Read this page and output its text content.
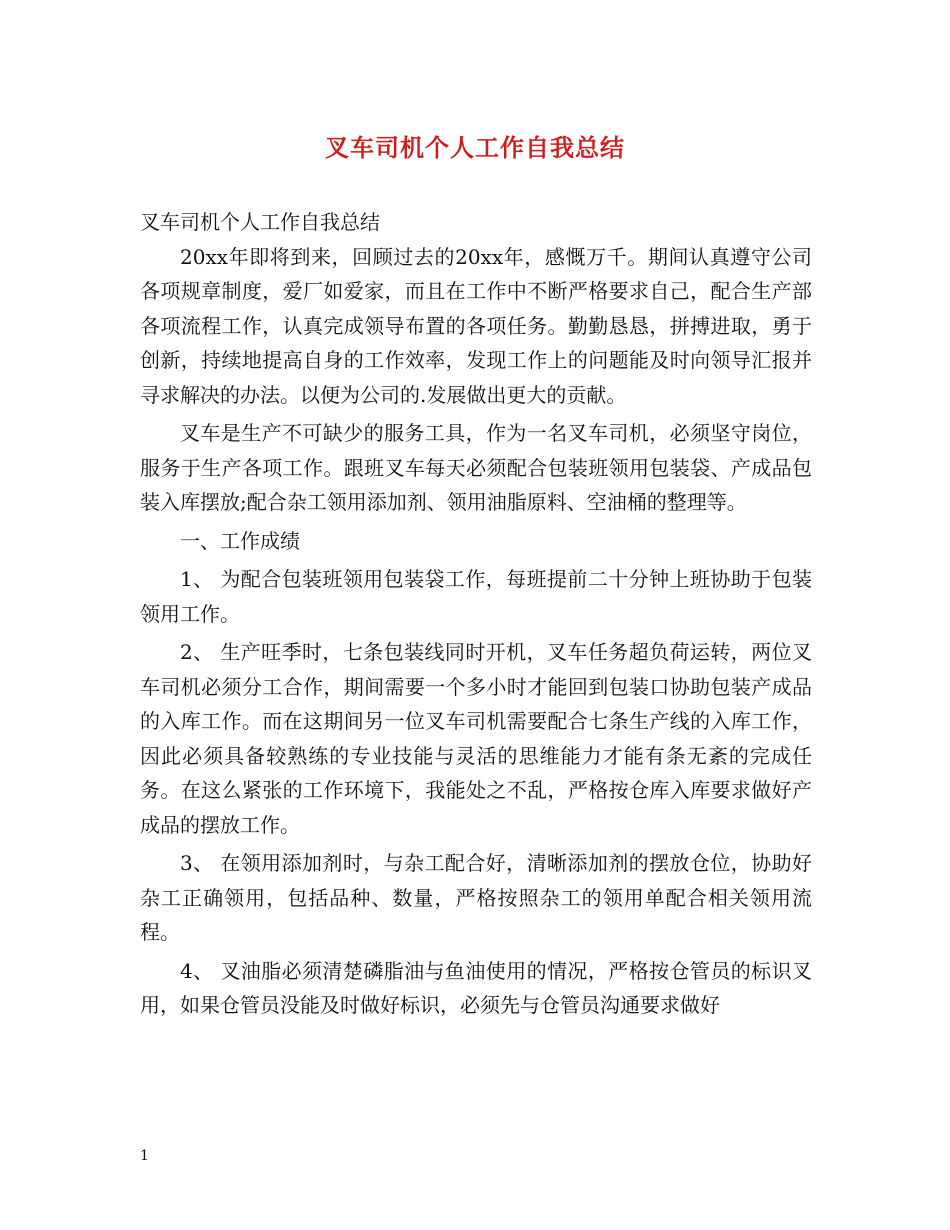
叉车司机个人工作自我总结

叉车司机个人工作自我总结

20xx年即将到来，回顾过去的20xx年，感慨万千。期间认真遵守公司各项规章制度，爱厂如爱家，而且在工作中不断严格要求自己，配合生产部各项流程工作，认真完成领导布置的各项任务。勤勤恳恳，拼搏进取，勇于创新，持续地提高自身的工作效率，发现工作上的问题能及时向领导汇报并寻求解决的办法。以便为公司的.发展做出更大的贡献。

叉车是生产不可缺少的服务工具，作为一名叉车司机，必须坚守岗位，服务于生产各项工作。跟班叉车每天必须配合包装班领用包装袋、产成品包装入库摆放;配合杂工领用添加剂、领用油脂原料、空油桶的整理等。

一、工作成绩

1、 为配合包装班领用包装袋工作，每班提前二十分钟上班协助于包装领用工作。

2、 生产旺季时，七条包装线同时开机，叉车任务超负荷运转，两位叉车司机必须分工合作，期间需要一个多小时才能回到包装口协助包装产成品的入库工作。而在这期间另一位叉车司机需要配合七条生产线的入库工作，因此必须具备较熟练的专业技能与灵活的思维能力才能有条无紊的完成任务。在这么紧张的工作环境下，我能处之不乱，严格按仓库入库要求做好产成品的摆放工作。

3、 在领用添加剂时，与杂工配合好，清晰添加剂的摆放仓位，协助好杂工正确领用，包括品种、数量，严格按照杂工的领用单配合相关领用流程。

4、 叉油脂必须清楚磷脂油与鱼油使用的情况，严格按仓管员的标识叉用，如果仓管员没能及时做好标识，必须先与仓管员沟通要求做好

1
